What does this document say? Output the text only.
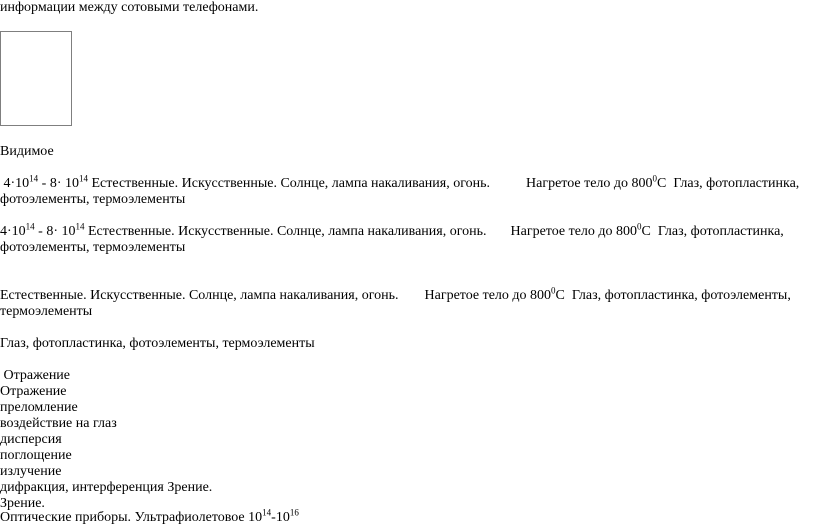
информации между сотовыми телефонами.
Видимое
$4\cdot 10^{14} - 8\cdot 10^{14}$ Естественные. Искусственные. Солнце, лампа накаливания, огонь.	Нагретое тело до $800^0С$ Глаз, фотопластинка,
фотоэлементы, термоэлементы
$4\cdot 10^{14} - 8\cdot 10^{14}$ Естественные. Искусственные. Солнце, лампа накаливания, огонь. Нагретое тело до $800^0С$ Глаз, фотопластинка,
фотоэлементы, термоэлементы
Естественные. Искусственные. Солнце, лампа накаливания, огонь. Нагретое тело до $800^0С$ Глаз, фотопластинка, фотоэлементы,
термоэлементы
Глаз, фотопластинка, фотоэлементы, термоэлементы
Отражение
Отражение
преломление
воздействие на глаз
дисперсия
поглощение
излучение
дифракция, интерференция Зрение.
Зрение.
Оптические приборы. Ультрафиолетовое $10^{14}-10^{16}$
